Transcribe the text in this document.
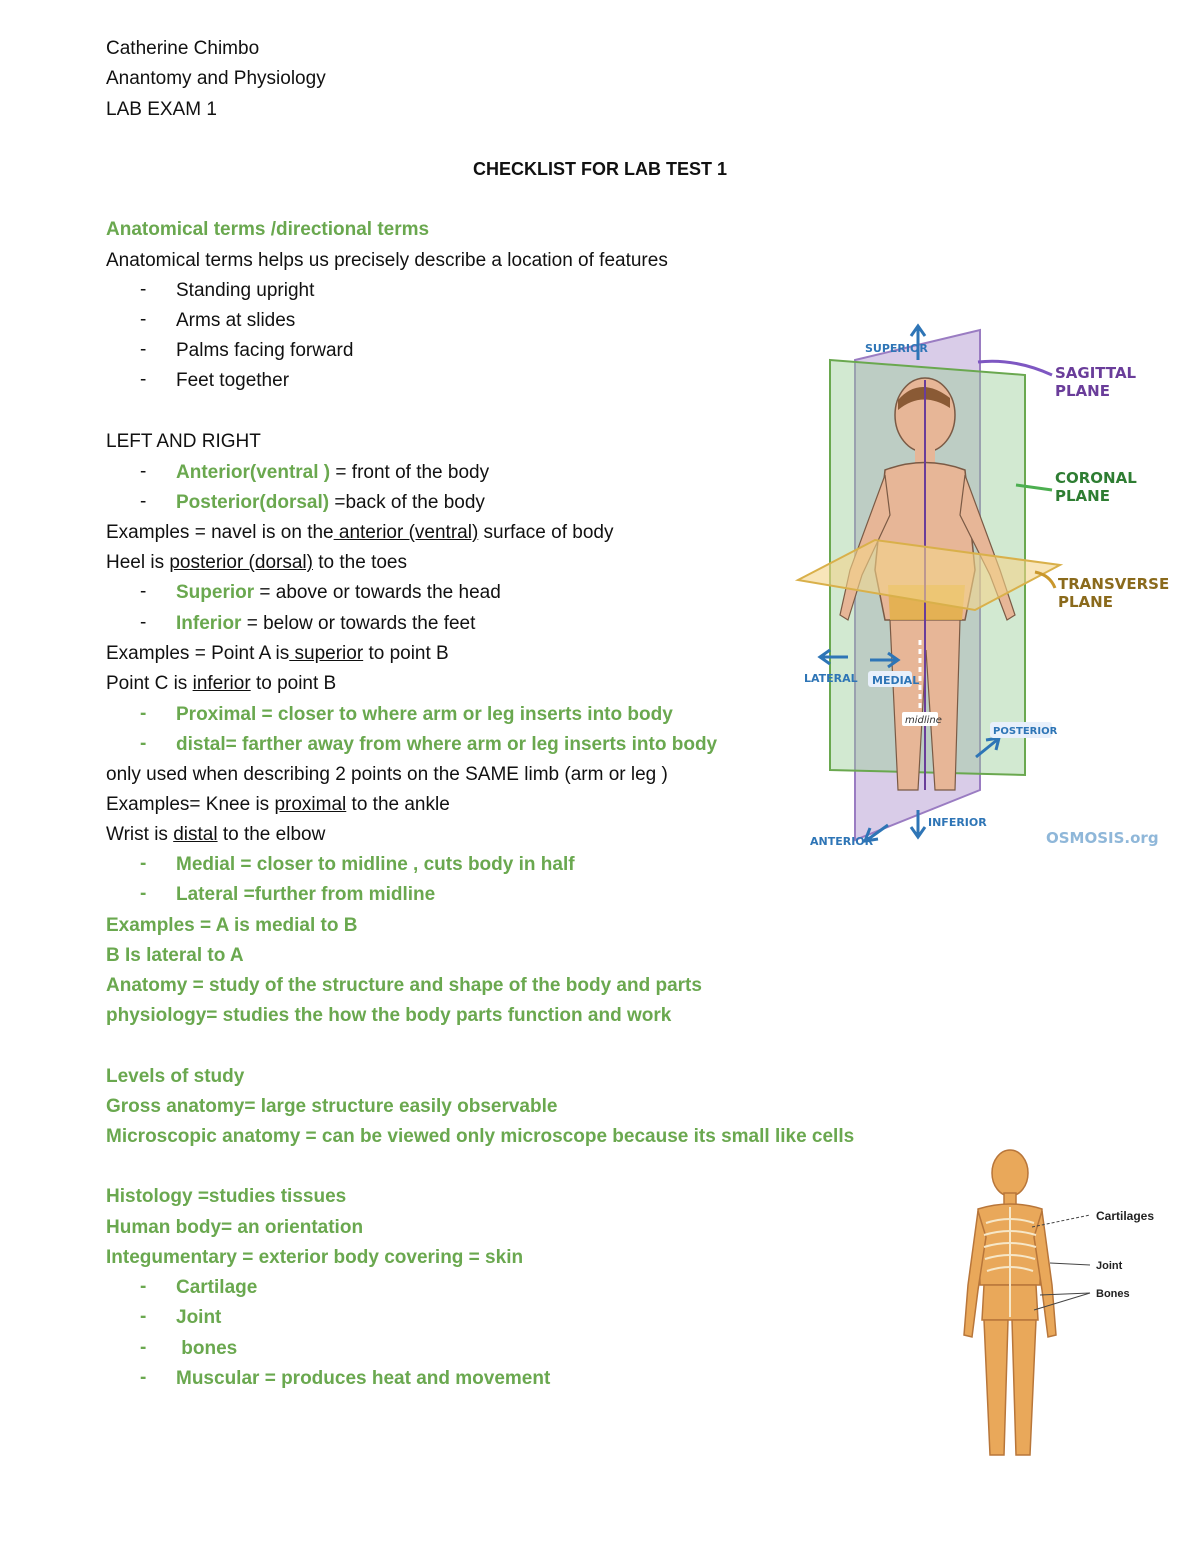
Catherine Chimbo
Anantomy and Physiology
LAB EXAM 1
CHECKLIST FOR LAB TEST 1
Anatomical terms /directional terms
Anatomical terms helps us precisely describe a location of features
-	Standing upright
-	Arms at slides
-	Palms facing forward
-	Feet together
LEFT AND RIGHT
-	Anterior(ventral ) = front of the body
-	Posterior(dorsal) =back of the body
Examples = navel is on the anterior (ventral) surface of body
Heel is posterior (dorsal) to the toes
-	Superior = above or towards the head
-	Inferior = below or towards the feet
Examples = Point A is superior to point B
Point C is inferior to point B
-	Proximal = closer to where arm or leg inserts into body
-	distal= farther away from where arm or leg inserts into body
only used when describing 2 points on the SAME limb (arm or leg )
Examples= Knee is proximal to the ankle
Wrist is distal to the elbow
-	Medial = closer to midline , cuts body in half
-	Lateral =further from midline
Examples = A is medial to B
B Is lateral to A
Anatomy = study of the structure and shape of the body and parts
physiology= studies the how the body parts function and work
Levels of study
Gross anatomy= large structure easily observable
Microscopic anatomy = can be viewed only microscope because its small like cells
Histology =studies tissues
Human body= an orientation
Integumentary = exterior body covering = skin
-	Cartilage
-	Joint
-	bones
-	Muscular = produces heat and movement
SUPERIOR
SAGITTAL
PLANE
CORONAL
PLANE
TRANSVERSE
PLANE
LATERAL MEDIAL
midline
POSTERIOR
INFERIOR
ANTERIOR	OSMOSIS.org
Cartilages
Joint
Bones
